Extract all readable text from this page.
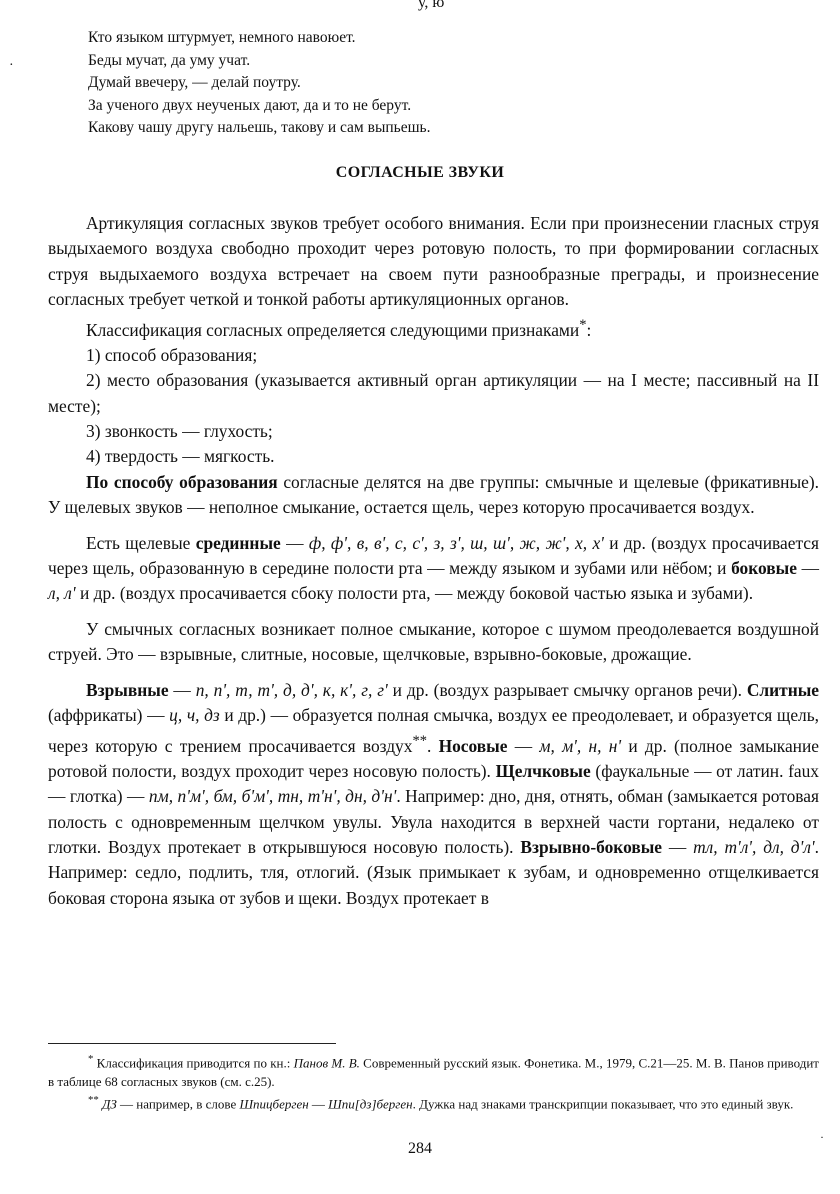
у, ю
·
Кто языком штурмует, немного навоюет.
Беды мучат, да уму учат.
Думай ввечеру, — делай поутру.
За ученого двух неученых дают, да и то не берут.
Какову чашу другу нальешь, такову и сам выпьешь.
СОГЛАСНЫЕ ЗВУКИ

Артикуляция согласных звуков требует особого внимания. Если при произнесении гласных струя выдыхаемого воздуха свободно проходит через ротовую полость, то при формировании согласных струя выдыхаемого воздуха встречает на своем пути разнообразные преграды, и произнесение согласных требует четкой и тонкой работы артикуляционных органов.

Классификация согласных определяется следующими признаками*:

1) способ образования;

2) место образования (указывается активный орган артикуляции — на I месте; пассивный на II месте);

3) звонкость — глухость;

4) твердость — мягкость.

По способу образования согласные делятся на две группы: смычные и щелевые (фрикативные). У щелевых звуков — неполное смыкание, остается щель, через которую просачивается воздух.

Есть щелевые срединные — ф, ф', в, в', с, с', з, з', ш, ш', ж, ж', х, х' и др. (воздух просачивается через щель, образованную в середине полости рта — между языком и зубами или нёбом; и боковые — л, л' и др. (воздух просачивается сбоку полости рта, — между боковой частью языка и зубами).

У смычных согласных возникает полное смыкание, которое с шумом преодолевается воздушной струей. Это — взрывные, слитные, носовые, щелчковые, взрывно-боковые, дрожащие.

Взрывные — п, п', т, т', д, д', к, к', г, г' и др. (воздух разрывает смычку органов речи). Слитные (аффрикаты) — ц, ч, дз и др.) — образуется полная смычка, воздух ее преодолевает, и образуется щель, через которую с трением просачивается воздух**. Носовые — м, м', н, н' и др. (полное замыкание ротовой полости, воздух проходит через носовую полость). Щелчковые (фаукальные — от латин. faux — глотка) — пм, п'м', бм, б'м', тн, т'н', дн, д'н'. Например: дно, дня, отнять, обман (замыкается ротовая полость с одновременным щелчком увулы. Увула находится в верхней части гортани, недалеко от глотки. Воздух протекает в открывшуюся носовую полость). Взрывно-боковые — тл, т'л', дл, д'л'. Например: седло, подлить, тля, отлогий. (Язык примыкает к зубам, и одновременно отщелкивается боковая сторона языка от зубов и щеки. Воздух протекает в

* Классификация приводится по кн.: Панов М. В. Современный русский язык. Фонетика. М., 1979, С.21—25. М. В. Панов приводит в таблице 68 согласных звуков (см. с.25).

** ДЗ — например, в слове Шпицберген — Шпи[дз]берген. Дужка над знаками транскрипции показывает, что это единый звук.

284
·
